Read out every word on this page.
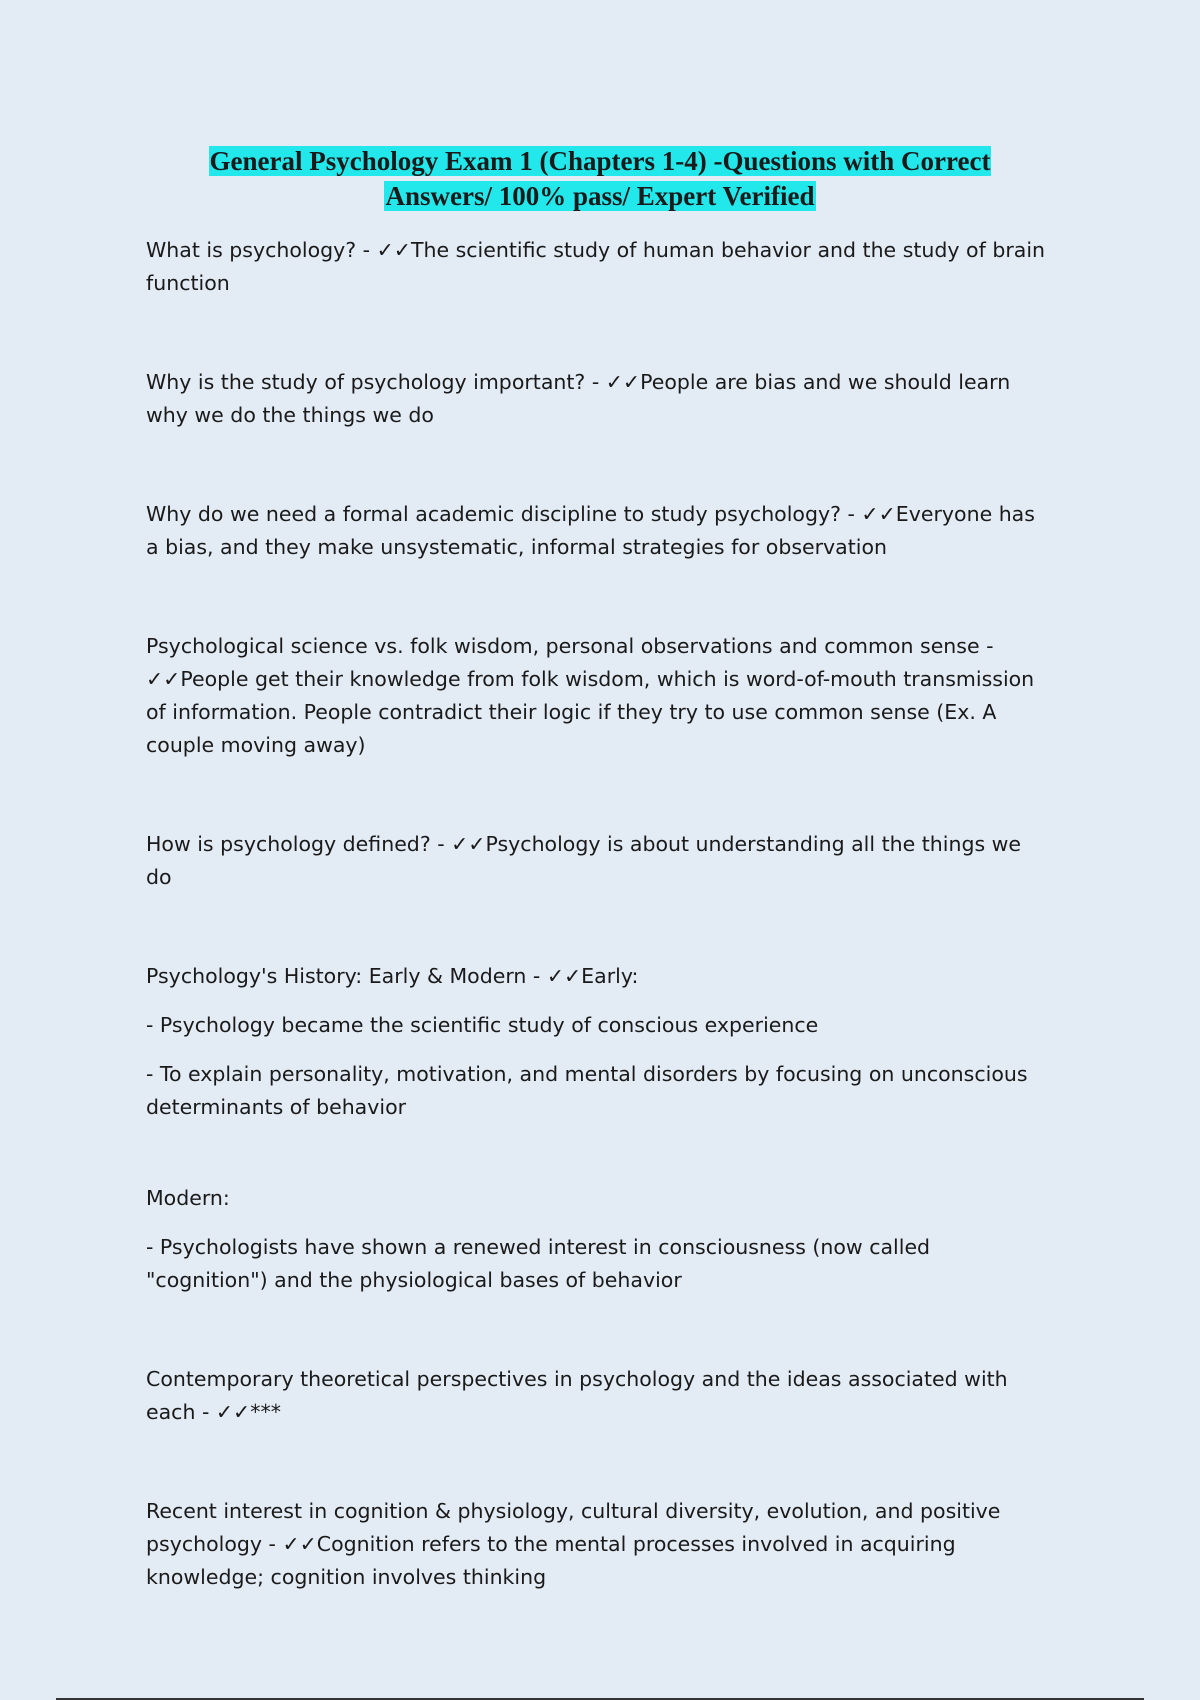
General Psychology Exam 1 (Chapters 1-4) -Questions with Correct
Answers/ 100% pass/ Expert Verified

What is psychology? - ✓✓The scientific study of human behavior and the study of brain function

Why is the study of psychology important? - ✓✓People are bias and we should learn why we do the things we do

Why do we need a formal academic discipline to study psychology? - ✓✓Everyone has a bias, and they make unsystematic, informal strategies for observation

Psychological science vs. folk wisdom, personal observations and common sense - ✓✓People get their knowledge from folk wisdom, which is word-of-mouth transmission of information. People contradict their logic if they try to use common sense (Ex. A couple moving away)

How is psychology defined? - ✓✓Psychology is about understanding all the things we do

Psychology's History: Early & Modern - ✓✓Early:

- Psychology became the scientific study of conscious experience

- To explain personality, motivation, and mental disorders by focusing on unconscious determinants of behavior

Modern:

- Psychologists have shown a renewed interest in consciousness (now called "cognition") and the physiological bases of behavior

Contemporary theoretical perspectives in psychology and the ideas associated with each - ✓✓***

Recent interest in cognition & physiology, cultural diversity, evolution, and positive psychology - ✓✓Cognition refers to the mental processes involved in acquiring knowledge; cognition involves thinking
